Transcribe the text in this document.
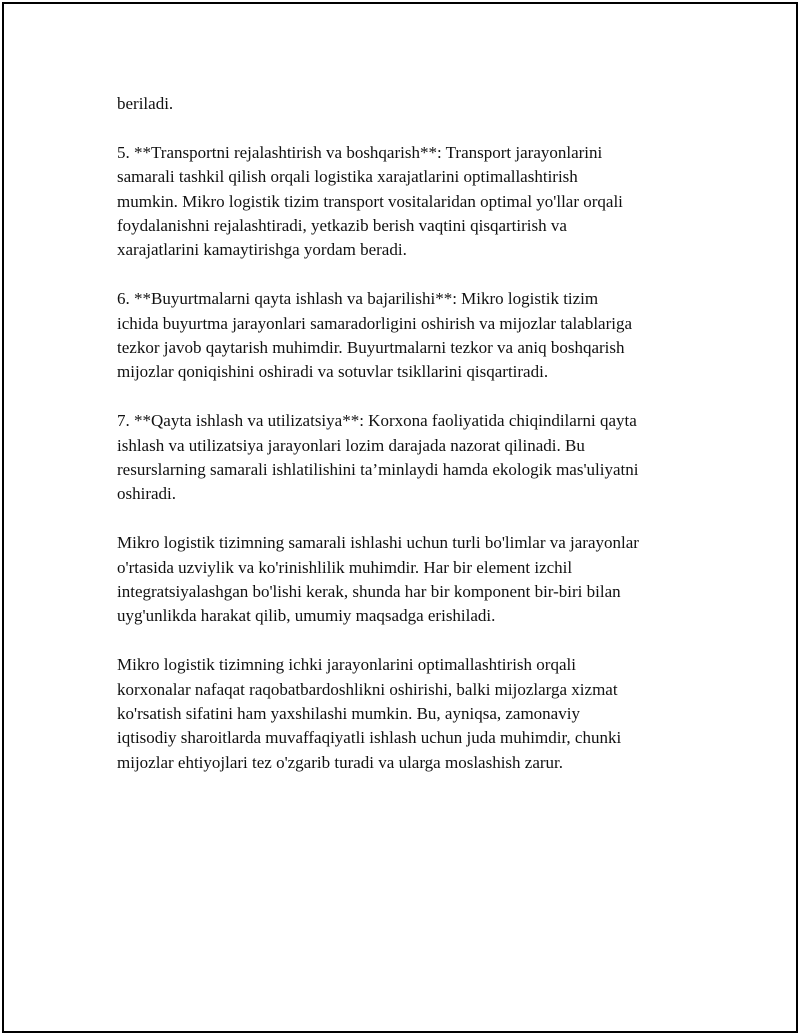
beriladi.

5. **Transportni rejalashtirish va boshqarish**: Transport jarayonlarini
samarali tashkil qilish orqali logistika xarajatlarini optimallashtirish
mumkin. Mikro logistik tizim transport vositalaridan optimal yo'llar orqali
foydalanishni rejalashtiradi, yetkazib berish vaqtini qisqartirish va
xarajatlarini kamaytirishga yordam beradi.

6. **Buyurtmalarni qayta ishlash va bajarilishi**: Mikro logistik tizim
ichida buyurtma jarayonlari samaradorligini oshirish va mijozlar talablariga
tezkor javob qaytarish muhimdir. Buyurtmalarni tezkor va aniq boshqarish
mijozlar qoniqishini oshiradi va sotuvlar tsikllarini qisqartiradi.

7. **Qayta ishlash va utilizatsiya**: Korxona faoliyatida chiqindilarni qayta
ishlash va utilizatsiya jarayonlari lozim darajada nazorat qilinadi. Bu
resurslarning samarali ishlatilishini ta’minlaydi hamda ekologik mas'uliyatni
oshiradi.

Mikro logistik tizimning samarali ishlashi uchun turli bo'limlar va jarayonlar
o'rtasida uzviylik va ko'rinishlilik muhimdir. Har bir element izchil
integratsiyalashgan bo'lishi kerak, shunda har bir komponent bir-biri bilan
uyg'unlikda harakat qilib, umumiy maqsadga erishiladi.

Mikro logistik tizimning ichki jarayonlarini optimallashtirish orqali
korxonalar nafaqat raqobatbardoshlikni oshirishi, balki mijozlarga xizmat
ko'rsatish sifatini ham yaxshilashi mumkin. Bu, ayniqsa, zamonaviy
iqtisodiy sharoitlarda muvaffaqiyatli ishlash uchun juda muhimdir, chunki
mijozlar ehtiyojlari tez o'zgarib turadi va ularga moslashish zarur.
